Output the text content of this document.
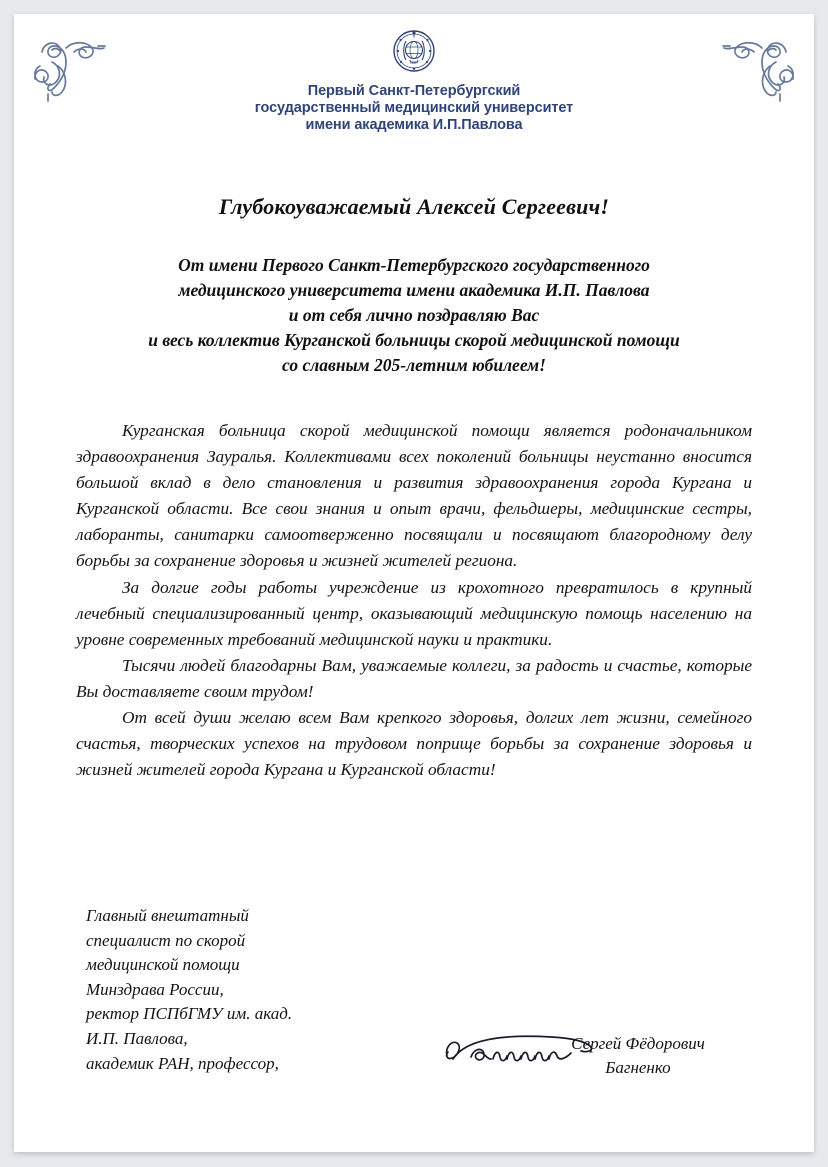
1897
Первый Санкт-Петербургский
государственный медицинский университет
имени академика И.П.Павлова
Глубокоуважаемый Алексей Сергеевич!
От имени Первого Санкт-Петербургского государственного
медицинского университета имени академика И.П. Павлова
и от себя лично поздравляю Вас
и весь коллектив Курганской больницы скорой медицинской помощи
со славным 205-летним юбилеем!

Курганская больница скорой медицинской помощи является родоначальником здравоохранения Зауралья. Коллективами всех поколений больницы неустанно вносится большой вклад в дело становления и развития здравоохранения города Кургана и Курганской области. Все свои знания и опыт врачи, фельдшеры, медицинские сестры, лаборанты, санитарки самоотверженно посвящали и посвящают благородному делу борьбы за сохранение здоровья и жизней жителей региона.

За долгие годы работы учреждение из крохотного превратилось в крупный лечебный специализированный центр, оказывающий медицинскую помощь населению на уровне современных требований медицинской науки и практики.

Тысячи людей благодарны Вам, уважаемые коллеги, за радость и счастье, которые Вы доставляете своим трудом!

От всей души желаю всем Вам крепкого здоровья, долгих лет жизни, семейного счастья, творческих успехов на трудовом поприще борьбы за сохранение здоровья и жизней жителей города Кургана и Курганской области!

Главный внештатный
специалист по скорой
медицинской помощи
Минздрава России,
ректор ПСПбГМУ им. акад.
И.П. Павлова,
академик РАН, профессор,
Сергей Фёдорович
Багненко
